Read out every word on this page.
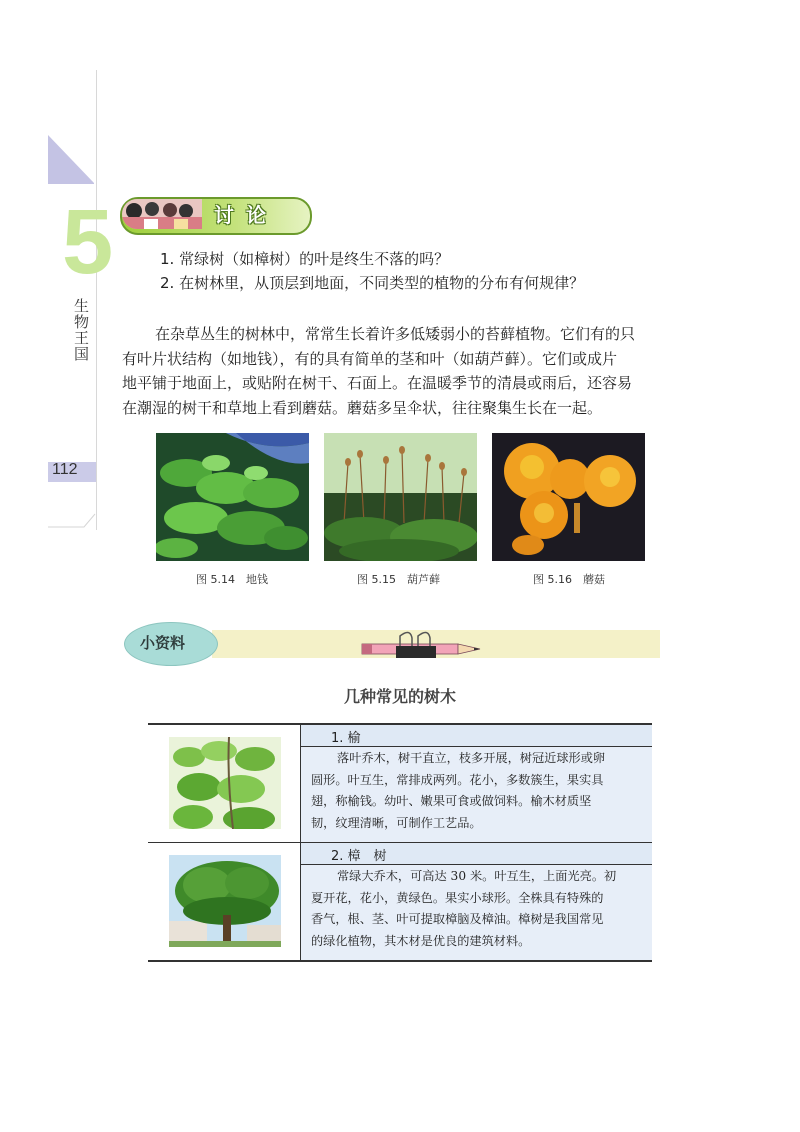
5
生物王国
112
讨论
1. 常绿树（如樟树）的叶是终生不落的吗？
2. 在树林里，从顶层到地面，不同类型的植物的分布有何规律？
在杂草丛生的树林中，常常生长着许多低矮弱小的苔藓植物。它们有的只
有叶片状结构（如地钱），有的具有简单的茎和叶（如葫芦藓）。它们或成片
地平铺于地面上，或贴附在树干、石面上。在温暖季节的清晨或雨后，还容易
在潮湿的树干和草地上看到蘑菇。蘑菇多呈伞状，往往聚集生长在一起。
图 5.14　地钱	图 5.15　葫芦藓	图 5.16　蘑菇
小资料
几种常见的树木
1. 榆
落叶乔木，树干直立，枝多开展，树冠近球形或卵
圆形。叶互生，常排成两列。花小，多数簇生，果实具
翅，称榆钱。幼叶、嫩果可食或做饲料。榆木材质坚
韧，纹理清晰，可制作工艺品。
2. 樟　树
常绿大乔木，可高达 30 米。叶互生，上面光亮。初
夏开花，花小，黄绿色。果实小球形。全株具有特殊的
香气，根、茎、叶可提取樟脑及樟油。樟树是我国常见
的绿化植物，其木材是优良的建筑材料。
